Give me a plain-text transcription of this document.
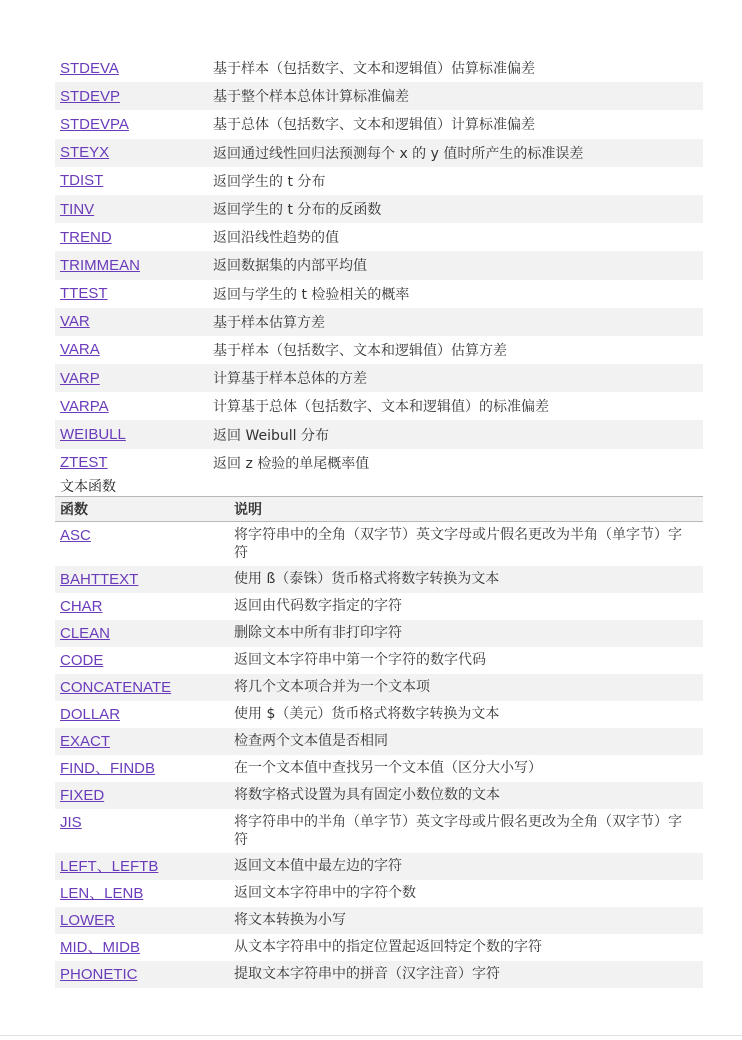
STDEVA	基于样本（包括数字、文本和逻辑值）估算标准偏差
STDEVP	基于整个样本总体计算标准偏差
STDEVPA	基于总体（包括数字、文本和逻辑值）计算标准偏差
STEYX	返回通过线性回归法预测每个 x 的 y 值时所产生的标准误差
TDIST	返回学生的 t 分布
TINV	返回学生的 t 分布的反函数
TREND	返回沿线性趋势的值
TRIMMEAN	返回数据集的内部平均值
TTEST	返回与学生的 t 检验相关的概率
VAR	基于样本估算方差
VARA	基于样本（包括数字、文本和逻辑值）估算方差
VARP	计算基于样本总体的方差
VARPA	计算基于总体（包括数字、文本和逻辑值）的标准偏差
WEIBULL	返回 Weibull 分布
ZTEST	返回 z 检验的单尾概率值
文本函数
函数	说明
ASC	将字符串中的全角（双字节）英文字母或片假名更改为半角（单字节）字符
BAHTTEXT	使用 ß（泰铢）货币格式将数字转换为文本
CHAR	返回由代码数字指定的字符
CLEAN	删除文本中所有非打印字符
CODE	返回文本字符串中第一个字符的数字代码
CONCATENATE	将几个文本项合并为一个文本项
DOLLAR	使用 $（美元）货币格式将数字转换为文本
EXACT	检查两个文本值是否相同
FIND、FINDB	在一个文本值中查找另一个文本值（区分大小写）
FIXED	将数字格式设置为具有固定小数位数的文本
JIS	将字符串中的半角（单字节）英文字母或片假名更改为全角（双字节）字符
LEFT、LEFTB	返回文本值中最左边的字符
LEN、LENB	返回文本字符串中的字符个数
LOWER	将文本转换为小写
MID、MIDB	从文本字符串中的指定位置起返回特定个数的字符
PHONETIC	提取文本字符串中的拼音（汉字注音）字符
